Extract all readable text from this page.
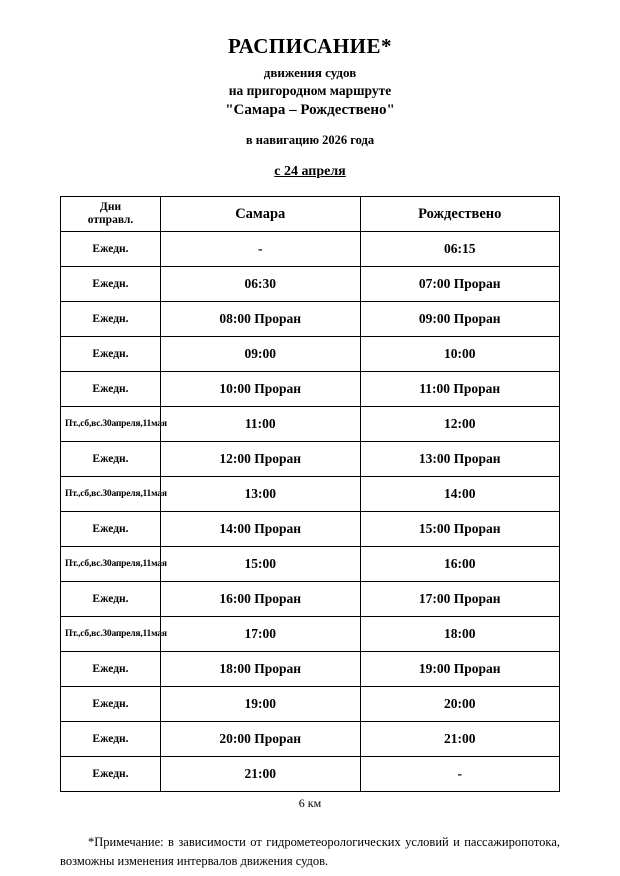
РАСПИСАНИЕ*
движения судов
на пригородном маршруте
"Самара – Рождествено"
в навигацию 2026 года
с 24 апреля
Дни
отправл.	Самара	Рождествено
Ежедн.	-	06:15
Ежедн.	06:30	07:00 Проран
Ежедн.	08:00 Проран	09:00 Проран
Ежедн.	09:00	10:00
Ежедн.	10:00 Проран	11:00 Проран
Пт.,сб,вс.30апреля,11мая	11:00	12:00
Ежедн.	12:00 Проран	13:00 Проран
Пт.,сб,вс.30апреля,11мая	13:00	14:00
Ежедн.	14:00 Проран	15:00 Проран
Пт.,сб,вс.30апреля,11мая	15:00	16:00
Ежедн.	16:00 Проран	17:00 Проран
Пт.,сб,вс.30апреля,11мая	17:00	18:00
Ежедн.	18:00 Проран	19:00 Проран
Ежедн.	19:00	20:00
Ежедн.	20:00 Проран	21:00
Ежедн.	21:00	-
6 км
*Примечание: в зависимости от гидрометеорологических условий и пассажиропотока, возможны изменения интервалов движения судов.
